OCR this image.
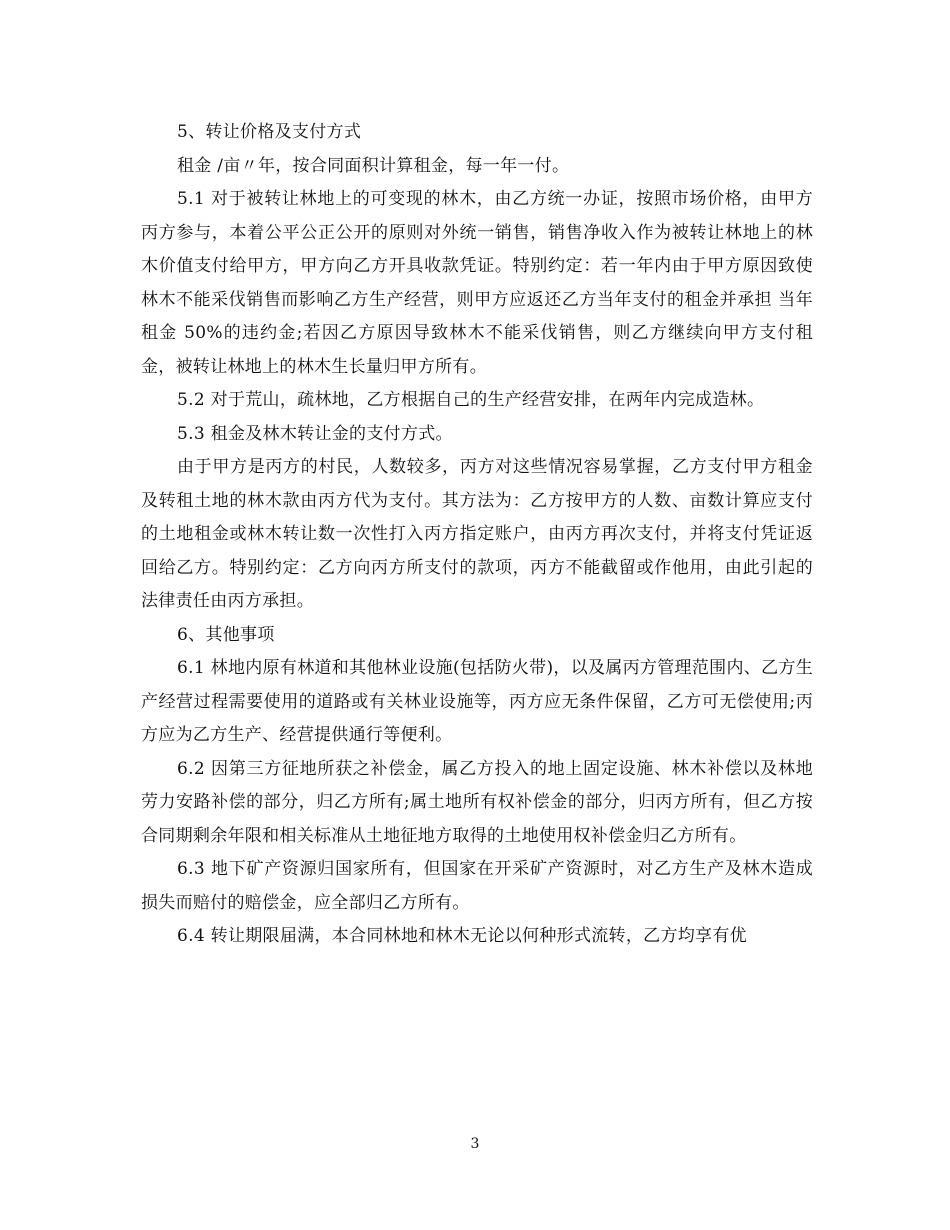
5、转让价格及支付方式

租金 /亩〃年，按合同面积计算租金，每一年一付。

5.1 对于被转让林地上的可变现的林木，由乙方统一办证，按照市场价格，由甲方丙方参与，本着公平公正公开的原则对外统一销售，销售净收入作为被转让林地上的林木价值支付给甲方，甲方向乙方开具收款凭证。特别约定：若一年内由于甲方原因致使林木不能采伐销售而影响乙方生产经营，则甲方应返还乙方当年支付的租金并承担 当年租金 50%的违约金;若因乙方原因导致林木不能采伐销售，则乙方继续向甲方支付租金，被转让林地上的林木生长量归甲方所有。

5.2 对于荒山，疏林地，乙方根据自己的生产经营安排，在两年内完成造林。

5.3 租金及林木转让金的支付方式。

由于甲方是丙方的村民，人数较多，丙方对这些情况容易掌握，乙方支付甲方租金及转租土地的林木款由丙方代为支付。其方法为：乙方按甲方的人数、亩数计算应支付的土地租金或林木转让数一次性打入丙方指定账户，由丙方再次支付，并将支付凭证返回给乙方。特别约定：乙方向丙方所支付的款项，丙方不能截留或作他用，由此引起的法律责任由丙方承担。

6、其他事项

6.1 林地内原有林道和其他林业设施(包括防火带)，以及属丙方管理范围内、乙方生产经营过程需要使用的道路或有关林业设施等，丙方应无条件保留，乙方可无偿使用;丙方应为乙方生产、经营提供通行等便利。

6.2 因第三方征地所获之补偿金，属乙方投入的地上固定设施、林木补偿以及林地劳力安路补偿的部分，归乙方所有;属土地所有权补偿金的部分，归丙方所有，但乙方按合同期剩余年限和相关标准从土地征地方取得的土地使用权补偿金归乙方所有。

6.3 地下矿产资源归国家所有，但国家在开采矿产资源时，对乙方生产及林木造成损失而赔付的赔偿金，应全部归乙方所有。

6.4 转让期限届满，本合同林地和林木无论以何种形式流转，乙方均享有优

3
